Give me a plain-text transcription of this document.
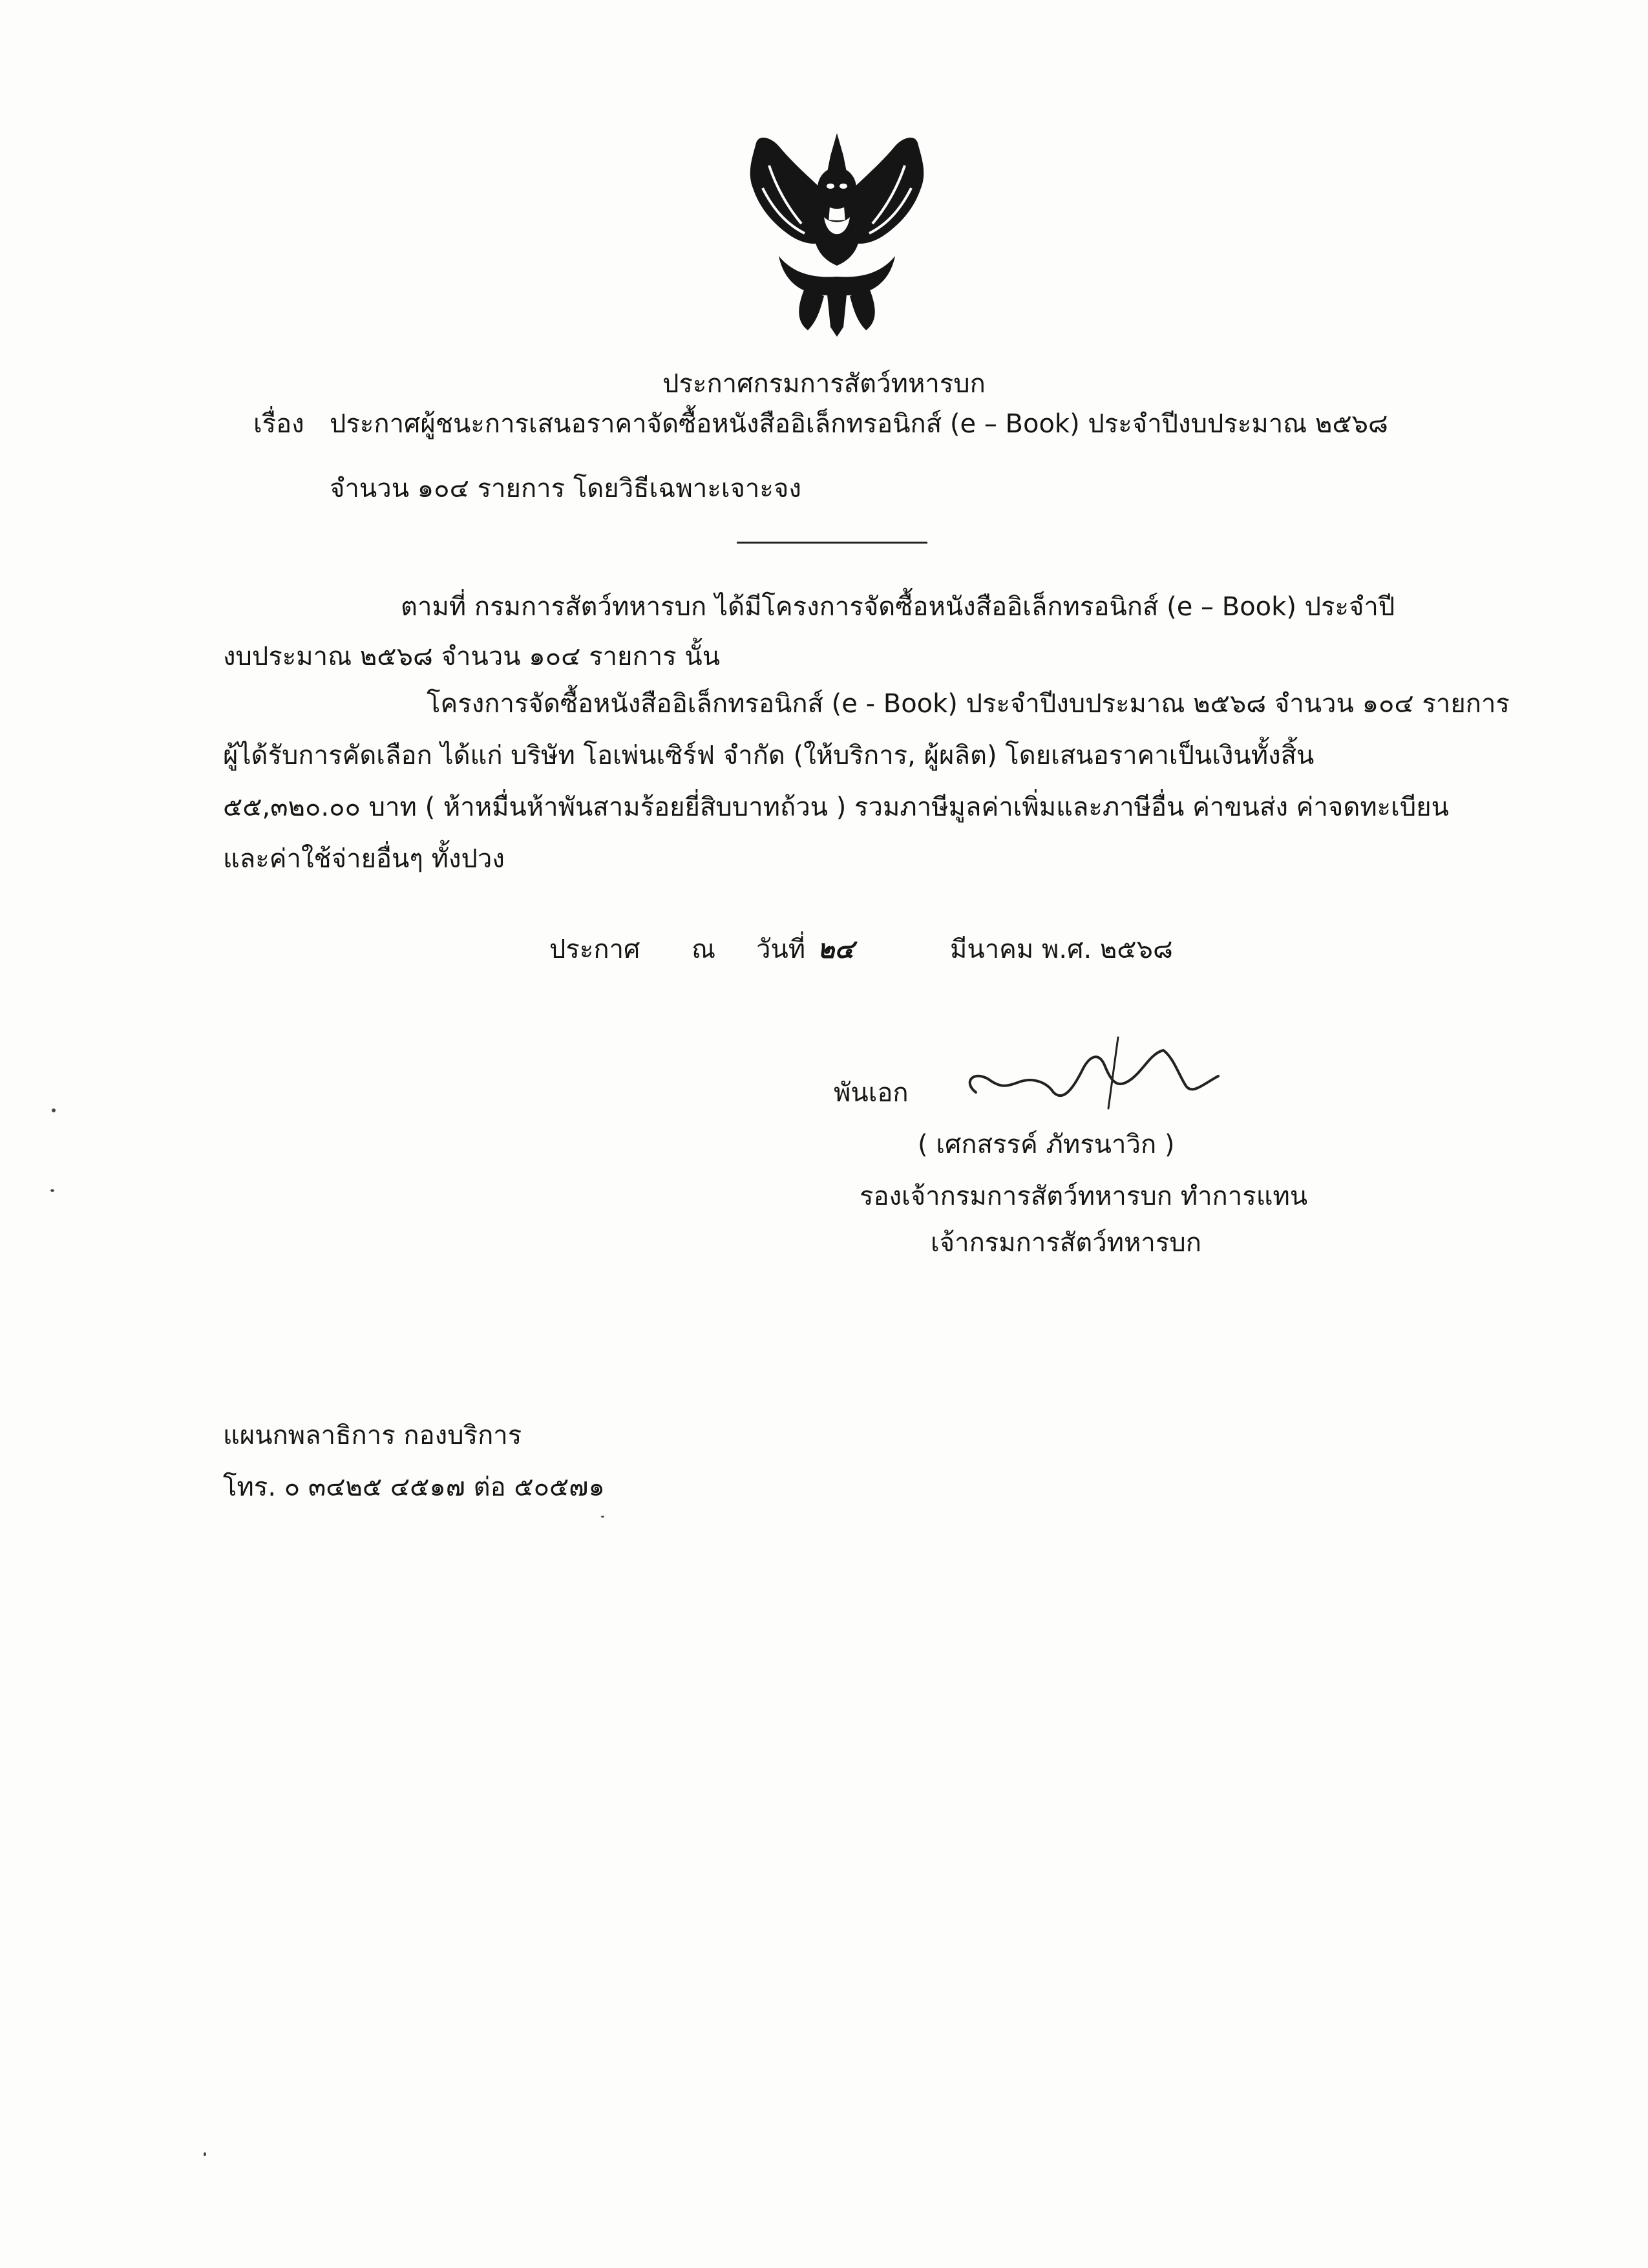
ประกาศกรมการสัตว์ทหารบก
เรื่อง ประกาศผู้ชนะการเสนอราคาจัดซื้อหนังสืออิเล็กทรอนิกส์ (e – Book) ประจำปีงบประมาณ ๒๕๖๘
จำนวน ๑๐๔ รายการ โดยวิธีเฉพาะเจาะจง
ตามที่ กรมการสัตว์ทหารบก ได้มีโครงการจัดซื้อหนังสืออิเล็กทรอนิกส์ (e – Book) ประจำปี
งบประมาณ ๒๕๖๘ จำนวน ๑๐๔ รายการ นั้น
โครงการจัดซื้อหนังสืออิเล็กทรอนิกส์ (e - Book) ประจำปีงบประมาณ ๒๕๖๘ จำนวน ๑๐๔ รายการ
ผู้ได้รับการคัดเลือก ได้แก่ บริษัท โอเพ่นเซิร์ฟ จำกัด (ให้บริการ, ผู้ผลิต) โดยเสนอราคาเป็นเงินทั้งสิ้น
๕๕,๓๒๐.๐๐ บาท ( ห้าหมื่นห้าพันสามร้อยยี่สิบบาทถ้วน ) รวมภาษีมูลค่าเพิ่มและภาษีอื่น ค่าขนส่ง ค่าจดทะเบียน
และค่าใช้จ่ายอื่นๆ ทั้งปวง
ประกาศ ณ วันที่ ๒๔	มีนาคม พ.ศ. ๒๕๖๘
พันเอก
( เศกสรรค์ ภัทรนาวิก )
รองเจ้ากรมการสัตว์ทหารบก ทำการแทน
เจ้ากรมการสัตว์ทหารบก
แผนกพลาธิการ กองบริการ
โทร. ๐ ๓๔๒๕ ๔๕๑๗ ต่อ ๕๐๕๗๑
